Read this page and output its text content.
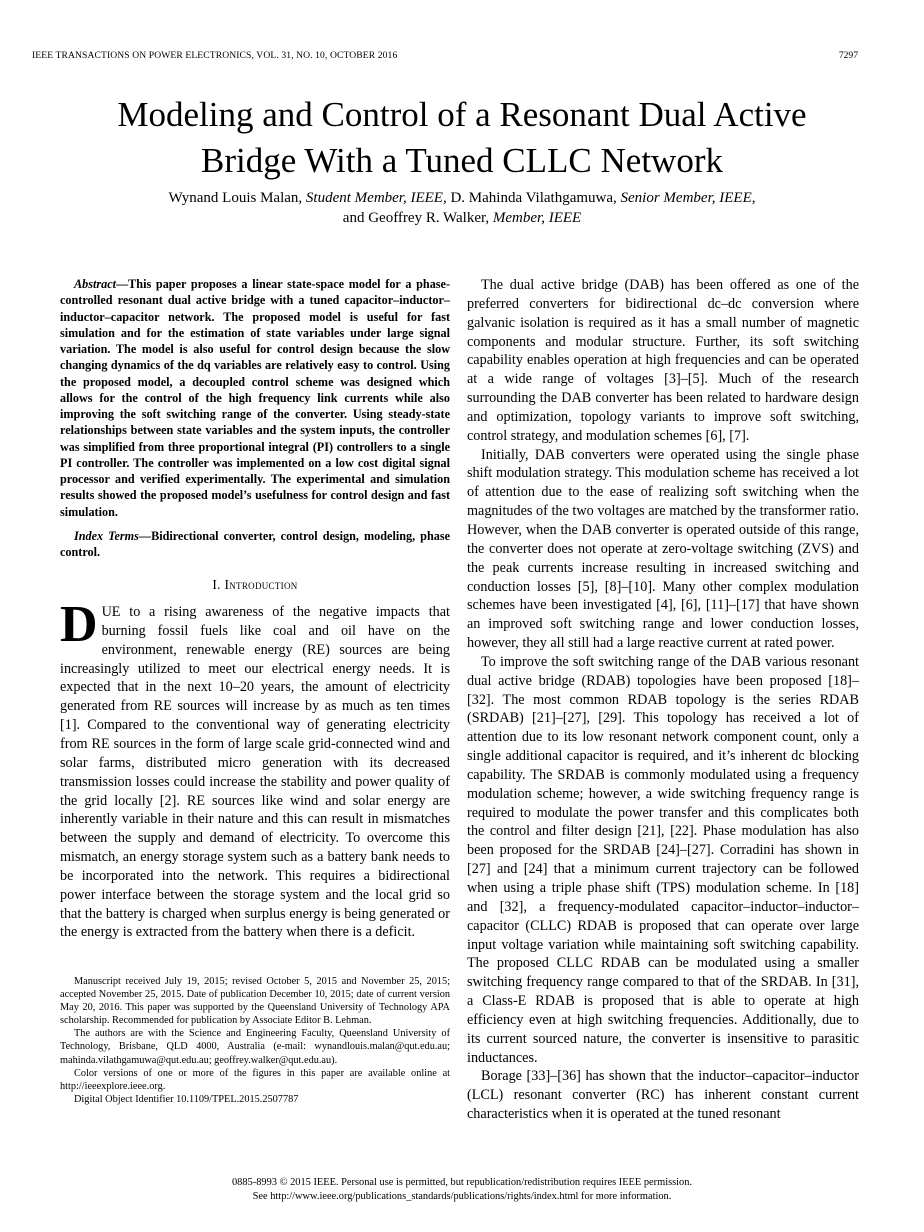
IEEE TRANSACTIONS ON POWER ELECTRONICS, VOL. 31, NO. 10, OCTOBER 2016	7297
Modeling and Control of a Resonant Dual Active
Bridge With a Tuned CLLC Network
Wynand Louis Malan, Student Member, IEEE, D. Mahinda Vilathgamuwa, Senior Member, IEEE,
and Geoffrey R. Walker, Member, IEEE

Abstract—This paper proposes a linear state-space model for a phase-controlled resonant dual active bridge with a tuned capacitor–inductor–inductor–capacitor network. The proposed model is useful for fast simulation and for the estimation of state variables under large signal variation. The model is also useful for control design because the slow changing dynamics of the dq variables are relatively easy to control. Using the proposed model, a decoupled control scheme was designed which allows for the control of the high frequency link currents while also improving the soft switching range of the converter. Using steady-state relationships between state variables and the system inputs, the controller was simplified from three proportional integral (PI) controllers to a single PI controller. The controller was implemented on a low cost digital signal processor and verified experimentally. The experimental and simulation results showed the proposed model’s usefulness for control design and fast simulation.

Index Terms—Bidirectional converter, control design, modeling, phase control.

I. Introduction

DUE to a rising awareness of the negative impacts that burning fossil fuels like coal and oil have on the environment, renewable energy (RE) sources are being increasingly utilized to meet our electrical energy needs. It is expected that in the next 10–20 years, the amount of electricity generated from RE sources will increase by as much as ten times [1]. Compared to the conventional way of generating electricity from RE sources in the form of large scale grid-connected wind and solar farms, distributed micro generation with its decreased transmission losses could increase the stability and power quality of the grid locally [2]. RE sources like wind and solar energy are inherently variable in their nature and this can result in mismatches between the supply and demand of electricity. To overcome this mismatch, an energy storage system such as a battery bank needs to be incorporated into the network. This requires a bidirectional power interface between the storage system and the local grid so that the battery is charged when surplus energy is being generated or the energy is extracted from the battery when there is a deficit.

Manuscript received July 19, 2015; revised October 5, 2015 and November 25, 2015; accepted November 25, 2015. Date of publication December 10, 2015; date of current version May 20, 2016. This paper was supported by the Queensland University of Technology APA scholarship. Recommended for publication by Associate Editor B. Lehman.

The authors are with the Science and Engineering Faculty, Queensland University of Technology, Brisbane, QLD 4000, Australia (e-mail: wynandlouis.malan@qut.edu.au; mahinda.vilathgamuwa@qut.edu.au; geoffrey.walker@qut.edu.au).

Color versions of one or more of the figures in this paper are available online at http://ieeexplore.ieee.org.

Digital Object Identifier 10.1109/TPEL.2015.2507787

The dual active bridge (DAB) has been offered as one of the preferred converters for bidirectional dc–dc conversion where galvanic isolation is required as it has a small number of magnetic components and modular structure. Further, its soft switching capability enables operation at high frequencies and can be operated at a wide range of voltages [3]–[5]. Much of the research surrounding the DAB converter has been related to hardware design and optimization, topology variants to improve soft switching, control strategy, and modulation schemes [6], [7].

Initially, DAB converters were operated using the single phase shift modulation strategy. This modulation scheme has received a lot of attention due to the ease of realizing soft switching when the magnitudes of the two voltages are matched by the transformer ratio. However, when the DAB converter is operated outside of this range, the converter does not operate at zero-voltage switching (ZVS) and the peak currents increase resulting in increased switching and conduction losses [5], [8]–[10]. Many other complex modulation schemes have been investigated [4], [6], [11]–[17] that have shown an improved soft switching range and lower conduction losses, however, they all still had a large reactive current at rated power.

To improve the soft switching range of the DAB various resonant dual active bridge (RDAB) topologies have been proposed [18]–[32]. The most common RDAB topology is the series RDAB (SRDAB) [21]–[27], [29]. This topology has received a lot of attention due to its low resonant network component count, only a single additional capacitor is required, and it’s inherent dc blocking capability. The SRDAB is commonly modulated using a frequency modulation scheme; however, a wide switching frequency range is required to modulate the power transfer and this complicates both the control and filter design [21], [22]. Phase modulation has also been proposed for the SRDAB [24]–[27]. Corradini has shown in [27] and [24] that a minimum current trajectory can be followed when using a triple phase shift (TPS) modulation scheme. In [18] and [32], a frequency-modulated capacitor–inductor–inductor–capacitor (CLLC) RDAB is proposed that can operate over large input voltage variation while maintaining soft switching capability. The proposed CLLC RDAB can be modulated using a smaller switching frequency range compared to that of the SRDAB. In [31], a Class-E RDAB is proposed that is able to operate at high efficiency even at high switching frequencies. Additionally, due to its current sourced nature, the converter is insensitive to parasitic inductances.

Borage [33]–[36] has shown that the inductor–capacitor–inductor (LCL) resonant converter (RC) has inherent constant current characteristics when it is operated at the tuned resonant

0885-8993 © 2015 IEEE. Personal use is permitted, but republication/redistribution requires IEEE permission.
See http://www.ieee.org/publications_standards/publications/rights/index.html for more information.
